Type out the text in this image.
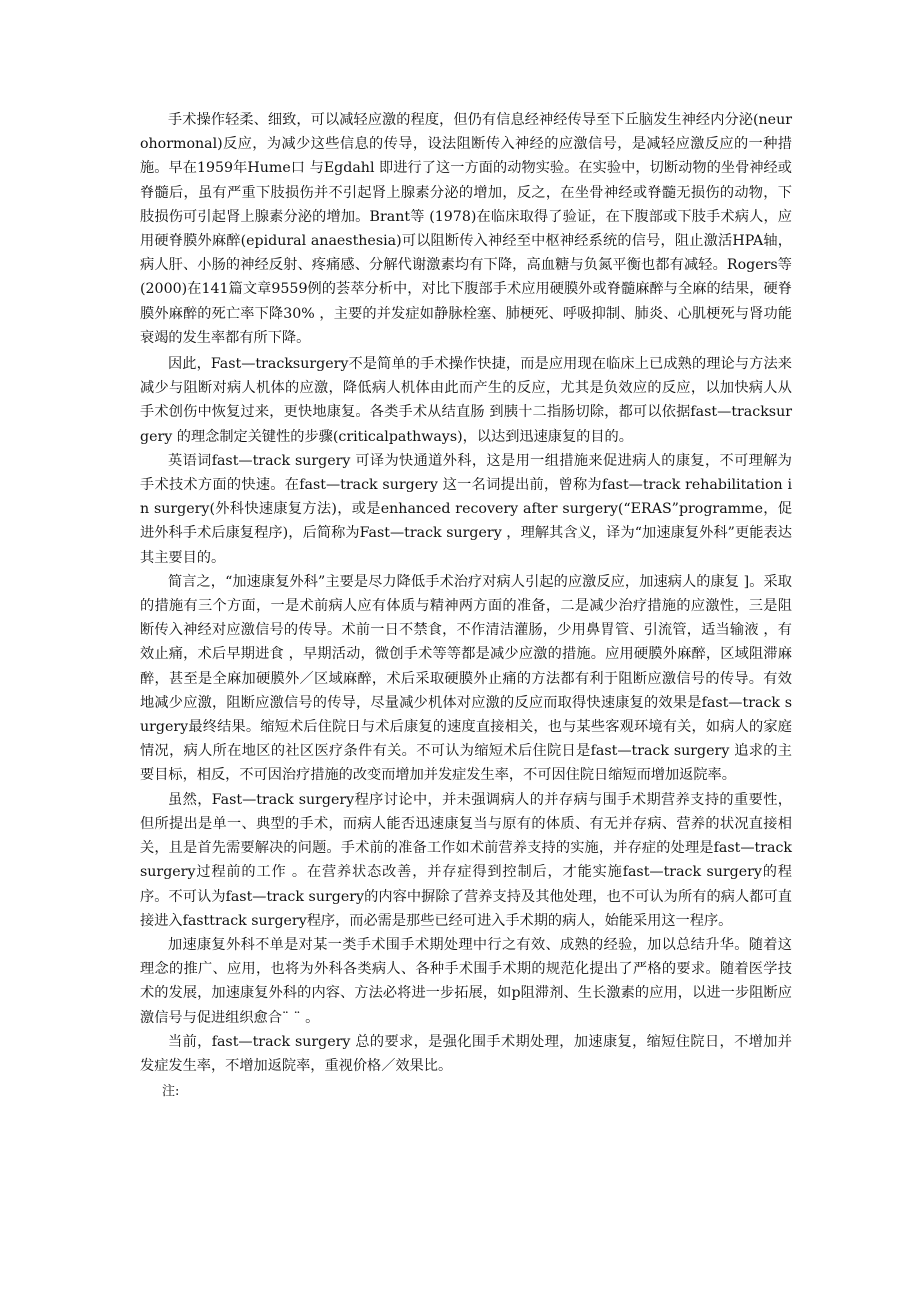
手术操作轻柔、细致，可以减轻应激的程度，但仍有信息经神经传导至下丘脑发生神经内分泌(neurohormonal)反应，为减少这些信息的传导，设法阻断传入神经的应激信号，是减轻应激反应的一种措施。早在1959年Hume口 与Egdahl 即进行了这一方面的动物实验。在实验中，切断动物的坐骨神经或脊髓后，虽有严重下肢损伤并不引起肾上腺素分泌的增加，反之，在坐骨神经或脊髓无损伤的动物，下肢损伤可引起肾上腺素分泌的增加。Brant等 (1978)在临床取得了验证，在下腹部或下肢手术病人，应用硬脊膜外麻醉(epidural anaesthesia)可以阻断传入神经至中枢神经系统的信号，阻止激活HPA轴，病人肝、小肠的神经反射、疼痛感、分解代谢激素均有下降，高血糖与负氮平衡也都有减轻。Rogers等 (2000)在141篇文章9559例的荟萃分析中，对比下腹部手术应用硬膜外或脊髓麻醉与全麻的结果，硬脊膜外麻醉的死亡率下降30% ，主要的并发症如静脉栓塞、肺梗死、呼吸抑制、肺炎、心肌梗死与肾功能衰竭的发生率都有所下降。

因此，Fast—tracksurgery不是简单的手术操作快捷，而是应用现在临床上已成熟的理论与方法来减少与阻断对病人机体的应激，降低病人机体由此而产生的反应，尤其是负效应的反应，以加快病人从手术创伤中恢复过来，更快地康复。各类手术从结直肠 到胰十二指肠切除，都可以依据fast—tracksurgery 的理念制定关键性的步骤(criticalpathways)，以达到迅速康复的目的。

英语词fast—track surgery 可译为快通道外科，这是用一组措施来促进病人的康复，不可理解为手术技术方面的快速。在fast—track surgery 这一名词提出前，曾称为fast—track rehabilitation in surgery(外科快速康复方法)，或是enhanced recovery after surgery(“ERAS”programme，促进外科手术后康复程序)，后简称为Fast—track surgery ，理解其含义，译为“加速康复外科”更能表达其主要目的。

简言之，“加速康复外科”主要是尽力降低手术治疗对病人引起的应激反应，加速病人的康复 ]。采取的措施有三个方面，一是术前病人应有体质与精神两方面的准备，二是减少治疗措施的应激性，三是阻断传入神经对应激信号的传导。术前一日不禁食，不作清洁灌肠，少用鼻胃管、引流管，适当输液 ，有效止痛，术后早期进食 ，早期活动，微创手术等等都是减少应激的措施。应用硬膜外麻醉，区域阻滞麻醉，甚至是全麻加硬膜外／区域麻醉，术后采取硬膜外止痛的方法都有利于阻断应激信号的传导。有效地减少应激，阻断应激信号的传导，尽量减少机体对应激的反应而取得快速康复的效果是fast—track surgery最终结果。缩短术后住院日与术后康复的速度直接相关，也与某些客观环境有关，如病人的家庭情况，病人所在地区的社区医疗条件有关。不可认为缩短术后住院日是fast—track surgery 追求的主要目标，相反，不可因治疗措施的改变而增加并发症发生率，不可因住院日缩短而增加返院率。

虽然，Fast—track surgery程序讨论中，并未强调病人的并存病与围手术期营养支持的重要性，但所提出是单一、典型的手术，而病人能否迅速康复当与原有的体质、有无并存病、营养的状况直接相关，且是首先需要解决的问题。手术前的准备工作如术前营养支持的实施，并存症的处理是fast—track surgery过程前的工作 。在营养状态改善，并存症得到控制后，才能实施fast—track surgery的程序。不可认为fast—track surgery的内容中摒除了营养支持及其他处理，也不可认为所有的病人都可直接进入fasttrack surgery程序，而必需是那些已经可进入手术期的病人，始能采用这一程序。

加速康复外科不单是对某一类手术围手术期处理中行之有效、成熟的经验，加以总结升华。随着这理念的推广、应用，也将为外科各类病人、各种手术围手术期的规范化提出了严格的要求。随着医学技术的发展，加速康复外科的内容、方法必将进一步拓展，如p阻滞剂、生长激素的应用，以进一步阻断应激信号与促进组织愈合¨ ¨ 。

当前，fast—track surgery 总的要求，是强化围手术期处理，加速康复，缩短住院日，不增加并发症发生率，不增加返院率，重视价格／效果比。

注:
